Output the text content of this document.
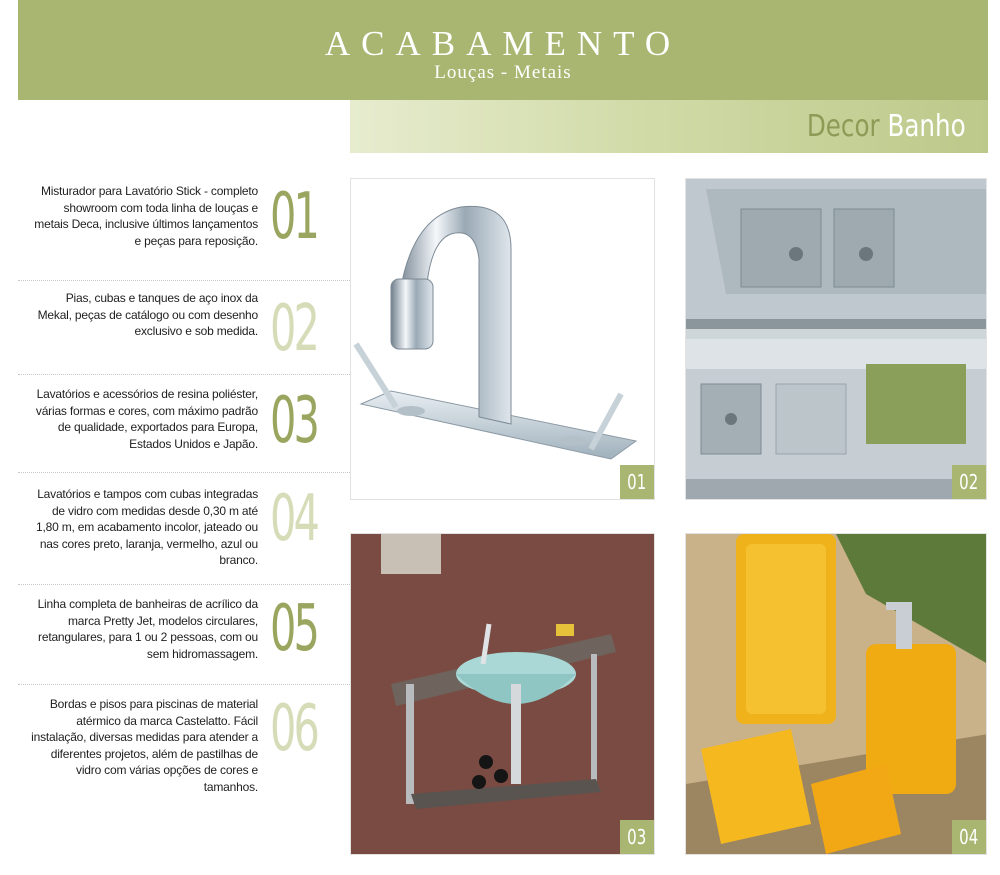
ACABAMENTO
Louças - Metais
Decor Banho
Misturador para Lavatório Stick - completo showroom com toda linha de louças e metais Deca, inclusive últimos lançamentos e peças para reposição. 01
Pias, cubas e tanques de aço inox da Mekal, peças de catálogo ou com desenho exclusivo e sob medida. 02
Lavatórios e acessórios de resina poliéster, várias formas e cores, com máximo padrão de qualidade, exportados para Europa, Estados Unidos e Japão. 03
Lavatórios e tampos com cubas integradas de vidro com medidas desde 0,30 m até 1,80 m, em acabamento incolor, jateado ou nas cores preto, laranja, vermelho, azul ou branco.
04
Linha completa de banheiras de acrílico da marca Pretty Jet, modelos circulares, retangulares, para 1 ou 2 pessoas, com ou sem hidromassagem. 05
Bordas e pisos para piscinas de material atérmico da marca Castelatto. Fácil instalação, diversas medidas para atender a diferentes projetos, além de pastilhas de vidro com várias opções de cores e tamanhos.
06
01	02
03	04
